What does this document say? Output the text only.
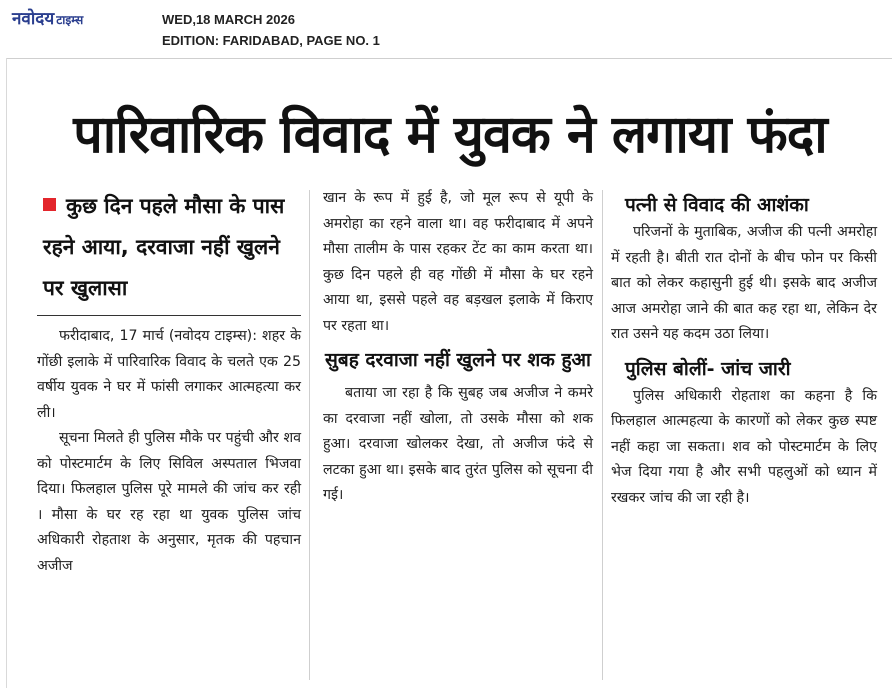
नवोदय टाइम्स	WED,18 MARCH 2026
EDITION: FARIDABAD, PAGE NO. 1
पारिवारिक विवाद में युवक ने लगाया फंदा
कुछ दिन पहले मौसा के पास रहने आया, दरवाजा नहीं खुलने पर खुलासा

फरीदाबाद, 17 मार्च (नवोदय टाइम्स): शहर के गोंछी इलाके में पारिवारिक विवाद के चलते एक 25 वर्षीय युवक ने घर में फांसी लगाकर आत्महत्या कर ली।

सूचना मिलते ही पुलिस मौके पर पहुंची और शव को पोस्टमार्टम के लिए सिविल अस्पताल भिजवा दिया। फिलहाल पुलिस पूरे मामले की जांच कर रही । मौसा के घर रह रहा था युवक पुलिस जांच अधिकारी रोहताश के अनुसार, मृतक की पहचान अजीज

खान के रूप में हुई है, जो मूल रूप से यूपी के अमरोहा का रहने वाला था। वह फरीदाबाद में अपने मौसा तालीम के पास रहकर टेंट का काम करता था। कुछ दिन पहले ही वह गोंछी में मौसा के घर रहने आया था, इससे पहले वह बड़खल इलाके में किराए पर रहता था।

सुबह दरवाजा नहीं खुलने पर शक हुआ

बताया जा रहा है कि सुबह जब अजीज ने कमरे का दरवाजा नहीं खोला, तो उसके मौसा को शक हुआ। दरवाजा खोलकर देखा, तो अजीज फंदे से लटका हुआ था। इसके बाद तुरंत पुलिस को सूचना दी गई।

पत्नी से विवाद की आशंका

परिजनों के मुताबिक, अजीज की पत्नी अमरोहा में रहती है। बीती रात दोनों के बीच फोन पर किसी बात को लेकर कहासुनी हुई थी। इसके बाद अजीज आज अमरोहा जाने की बात कह रहा था, लेकिन देर रात उसने यह कदम उठा लिया।

पुलिस बोलीं- जांच जारी

पुलिस अधिकारी रोहताश का कहना है कि फिलहाल आत्महत्या के कारणों को लेकर कुछ स्पष्ट नहीं कहा जा सकता। शव को पोस्टमार्टम के लिए भेज दिया गया है और सभी पहलुओं को ध्यान में रखकर जांच की जा रही है।
